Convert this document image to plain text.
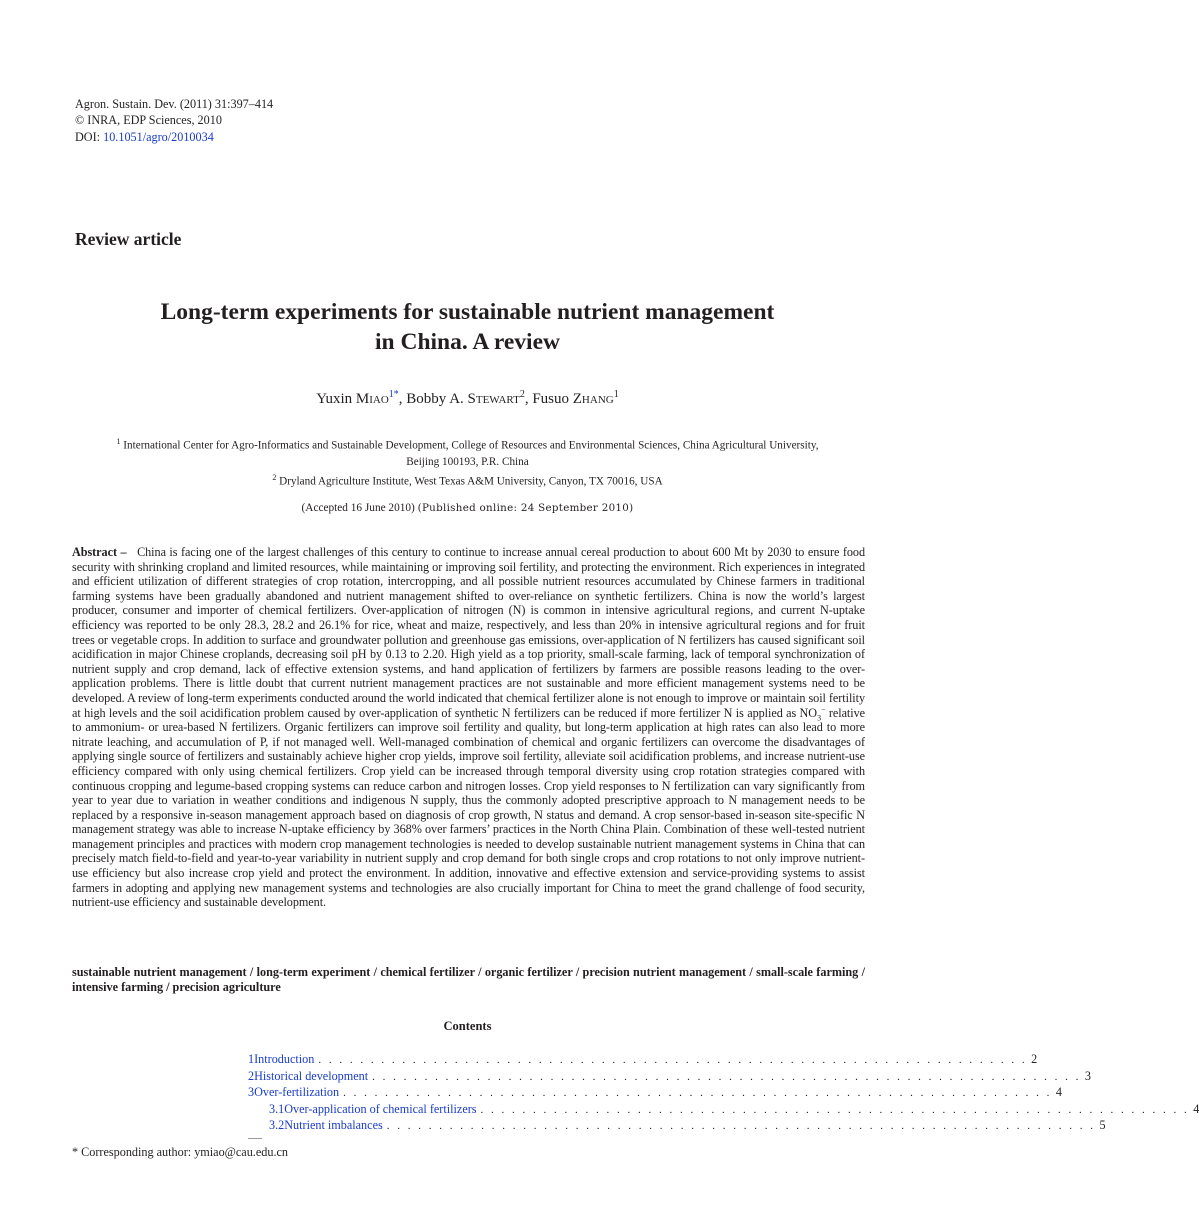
Agron. Sustain. Dev. (2011) 31:397–414
© INRA, EDP Sciences, 2010
DOI: 10.1051/agro/2010034
Review article
Long-term experiments for sustainable nutrient management
in China. A review
Yuxin Miao$^{1*}$, Bobby A. Stewart$^2$, Fusuo Zhang$^1$
$^1$ International Center for Agro-Informatics and Sustainable Development, College of Resources and Environmental Sciences, China Agricultural University,
Beijing 100193, P.R. China
$^2$ Dryland Agriculture Institute, West Texas A&M University, Canyon, TX 70016, USA
(Accepted 16 June 2010) (Published online: 24 September 2010)
Abstract – China is facing one of the largest challenges of this century to continue to increase annual cereal production to about 600 Mt by 2030 to ensure food security with shrinking cropland and limited resources, while maintaining or improving soil fertility, and protecting the environment. Rich experiences in integrated and efficient utilization of different strategies of crop rotation, intercropping, and all possible nutrient resources accumulated by Chinese farmers in traditional farming systems have been gradually abandoned and nutrient management shifted to over-reliance on synthetic fertilizers. China is now the world’s largest producer, consumer and importer of chemical fertilizers. Over-application of nitrogen (N) is common in intensive agricultural regions, and current N-uptake efficiency was reported to be only 28.3, 28.2 and 26.1% for rice, wheat and maize, respectively, and less than 20% in intensive agricultural regions and for fruit trees or vegetable crops. In addition to surface and groundwater pollution and greenhouse gas emissions, over-application of N fertilizers has caused significant soil acidification in major Chinese croplands, decreasing soil pH by 0.13 to 2.20. High yield as a top priority, small-scale farming, lack of temporal synchronization of nutrient supply and crop demand, lack of effective extension systems, and hand application of fertilizers by farmers are possible reasons leading to the over-application problems. There is little doubt that current nutrient management practices are not sustainable and more efficient management systems need to be developed. A review of long-term experiments conducted around the world indicated that chemical fertilizer alone is not enough to improve or maintain soil fertility at high levels and the soil acidification problem caused by over-application of synthetic N fertilizers can be reduced if more fertilizer N is applied as $NO_3^-$ relative to ammonium- or urea-based N fertilizers. Organic fertilizers can improve soil fertility and quality, but long-term application at high rates can also lead to more nitrate leaching, and accumulation of P, if not managed well. Well-managed combination of chemical and organic fertilizers can overcome the disadvantages of applying single source of fertilizers and sustainably achieve higher crop yields, improve soil fertility, alleviate soil acidification problems, and increase nutrient-use efficiency compared with only using chemical fertilizers. Crop yield can be increased through temporal diversity using crop rotation strategies compared with continuous cropping and legume-based cropping systems can reduce carbon and nitrogen losses. Crop yield responses to N fertilization can vary significantly from year to year due to variation in weather conditions and indigenous N supply, thus the commonly adopted prescriptive approach to N management needs to be replaced by a responsive in-season management approach based on diagnosis of crop growth, N status and demand. A crop sensor-based in-season site-specific N management strategy was able to increase N-uptake efficiency by 368% over farmers’ practices in the North China Plain. Combination of these well-tested nutrient management principles and practices with modern crop management technologies is needed to develop sustainable nutrient management systems in China that can precisely match field-to-field and year-to-year variability in nutrient supply and crop demand for both single crops and crop rotations to not only improve nutrient-use efficiency but also increase crop yield and protect the environment. In addition, innovative and effective extension and service-providing systems to assist farmers in adopting and applying new management systems and technologies are also crucially important for China to meet the grand challenge of food security, nutrient-use efficiency and sustainable development.
sustainable nutrient management / long-term experiment / chemical fertilizer / organic fertilizer / precision nutrient management / small-scale farming / intensive farming / precision agriculture
Contents
1 Introduction . . . . . . . . . . . . . . . . . . . . . . . . . . . . . . . . . . . . . . . . . . . . . . . . . . . . . . . . . . . . . . . . . . . . 2
2 Historical development . . . . . . . . . . . . . . . . . . . . . . . . . . . . . . . . . . . . . . . . . . . . . . . . . . . . . . . . . . . . . . . . . . . . 3
3 Over-fertilization . . . . . . . . . . . . . . . . . . . . . . . . . . . . . . . . . . . . . . . . . . . . . . . . . . . . . . . . . . . . . . . . . . . . 4
3.1 Over-application of chemical fertilizers . . . . . . . . . . . . . . . . . . . . . . . . . . . . . . . . . . . . . . . . . . . . . . . . . . . . . . . . . . . . . . . . . . . . 4
3.2 Nutrient imbalances . . . . . . . . . . . . . . . . . . . . . . . . . . . . . . . . . . . . . . . . . . . . . . . . . . . . . . . . . . . . . . . . . . . . 5
* Corresponding author: ymiao@cau.edu.cn
